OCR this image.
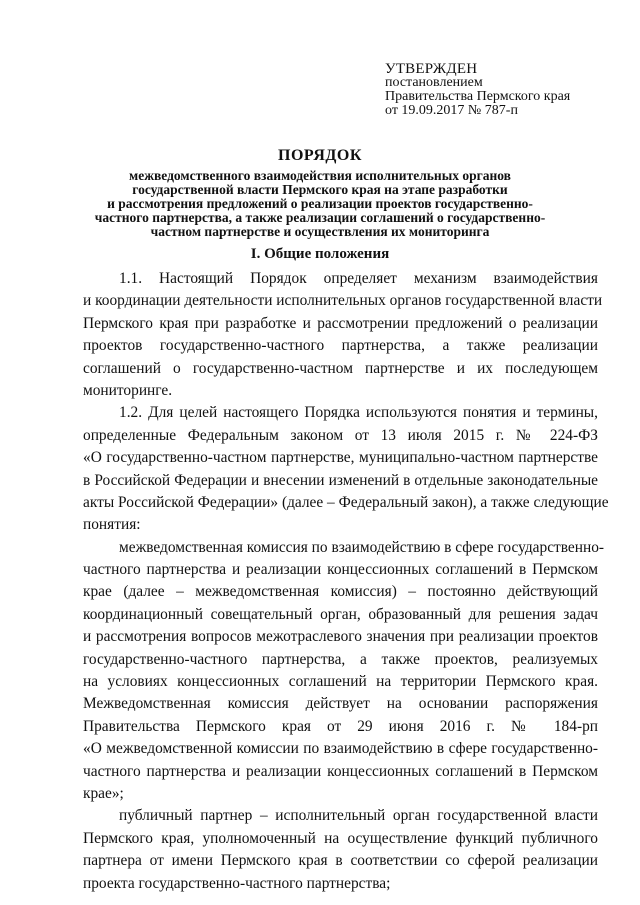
УТВЕРЖДЕН
постановлением
Правительства Пермского края
от 19.09.2017 № 787-п
ПОРЯДОК
межведомственного взаимодействия исполнительных органов
государственной власти Пермского края на этапе разработки
и рассмотрения предложений о реализации проектов государственно-
частного партнерства, а также реализации соглашений о государственно-
частном партнерстве и осуществления их мониторинга
I. Общие положения
1.1. Настоящий Порядок определяет механизм взаимодействия
и координации деятельности исполнительных органов государственной власти
Пермского края при разработке и рассмотрении предложений о реализации
проектов государственно-частного партнерства, а также реализации
соглашений о государственно-частном партнерстве и их последующем
мониторинге.
1.2. Для целей настоящего Порядка используются понятия и термины,
определенные Федеральным законом от 13 июля 2015 г. № 224-ФЗ
«О государственно-частном партнерстве, муниципально-частном партнерстве
в Российской Федерации и внесении изменений в отдельные законодательные
акты Российской Федерации» (далее – Федеральный закон), а также следующие
понятия:
межведомственная комиссия по взаимодействию в сфере государственно-
частного партнерства и реализации концессионных соглашений в Пермском
крае (далее – межведомственная комиссия) – постоянно действующий
координационный совещательный орган, образованный для решения задач
и рассмотрения вопросов межотраслевого значения при реализации проектов
государственно-частного партнерства, а также проектов, реализуемых
на условиях концессионных соглашений на территории Пермского края.
Межведомственная комиссия действует на основании распоряжения
Правительства Пермского края от 29 июня 2016 г. № 184-рп
«О межведомственной комиссии по взаимодействию в сфере государственно-
частного партнерства и реализации концессионных соглашений в Пермском
крае»;
публичный партнер – исполнительный орган государственной власти
Пермского края, уполномоченный на осуществление функций публичного
партнера от имени Пермского края в соответствии со сферой реализации
проекта государственно-частного партнерства;
